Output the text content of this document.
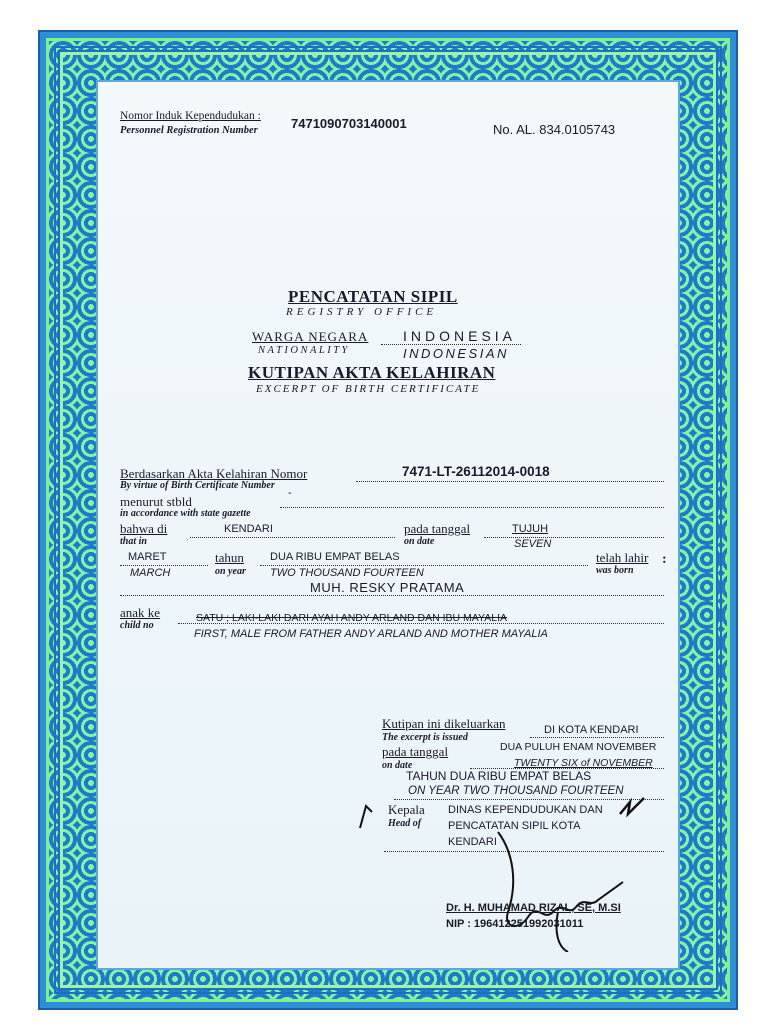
Nomor Induk Kependudukan :
Personnel Registration Number	7471090703140001	No. AL. 834.0105743
PENCATATAN SIPIL
REGISTRY OFFICE
WARGA NEGARA
NATIONALITY
INDONESIA
INDONESIAN
KUTIPAN AKTA KELAHIRAN
EXCERPT OF BIRTH CERTIFICATE
Berdasarkan Akta Kelahiran Nomor
By virtue of Birth Certificate Number
7471-LT-26112014-0018
menurut stbld
in accordance with state gazette
-
bahwa di
that in
KENDARI	pada tanggal
on date
TUJUH
SEVEN
MARET
MARCH
tahun
on year
DUA RIBU EMPAT BELAS
TWO THOUSAND FOURTEEN
telah lahir
was born
:
MUH. RESKY PRATAMA
anak ke
child no
SATU ; LAKI-LAKI DARI AYAH ANDY ARLAND DAN IBU MAYALIA
FIRST, MALE FROM FATHER ANDY ARLAND AND MOTHER MAYALIA
Kutipan ini dikeluarkan
The excerpt is issued
DI KOTA KENDARI
pada tanggal
on date
DUA PULUH ENAM NOVEMBER
TWENTY SIX of NOVEMBER
TAHUN DUA RIBU EMPAT BELAS
ON YEAR TWO THOUSAND FOURTEEN
Kepala
Head of
DINAS KEPENDUDUKAN DAN
PENCATATAN SIPIL KOTA
KENDARI
Dr. H. MUHAMAD RIZAL, SE, M.SI
NIP : 196412251992031011
